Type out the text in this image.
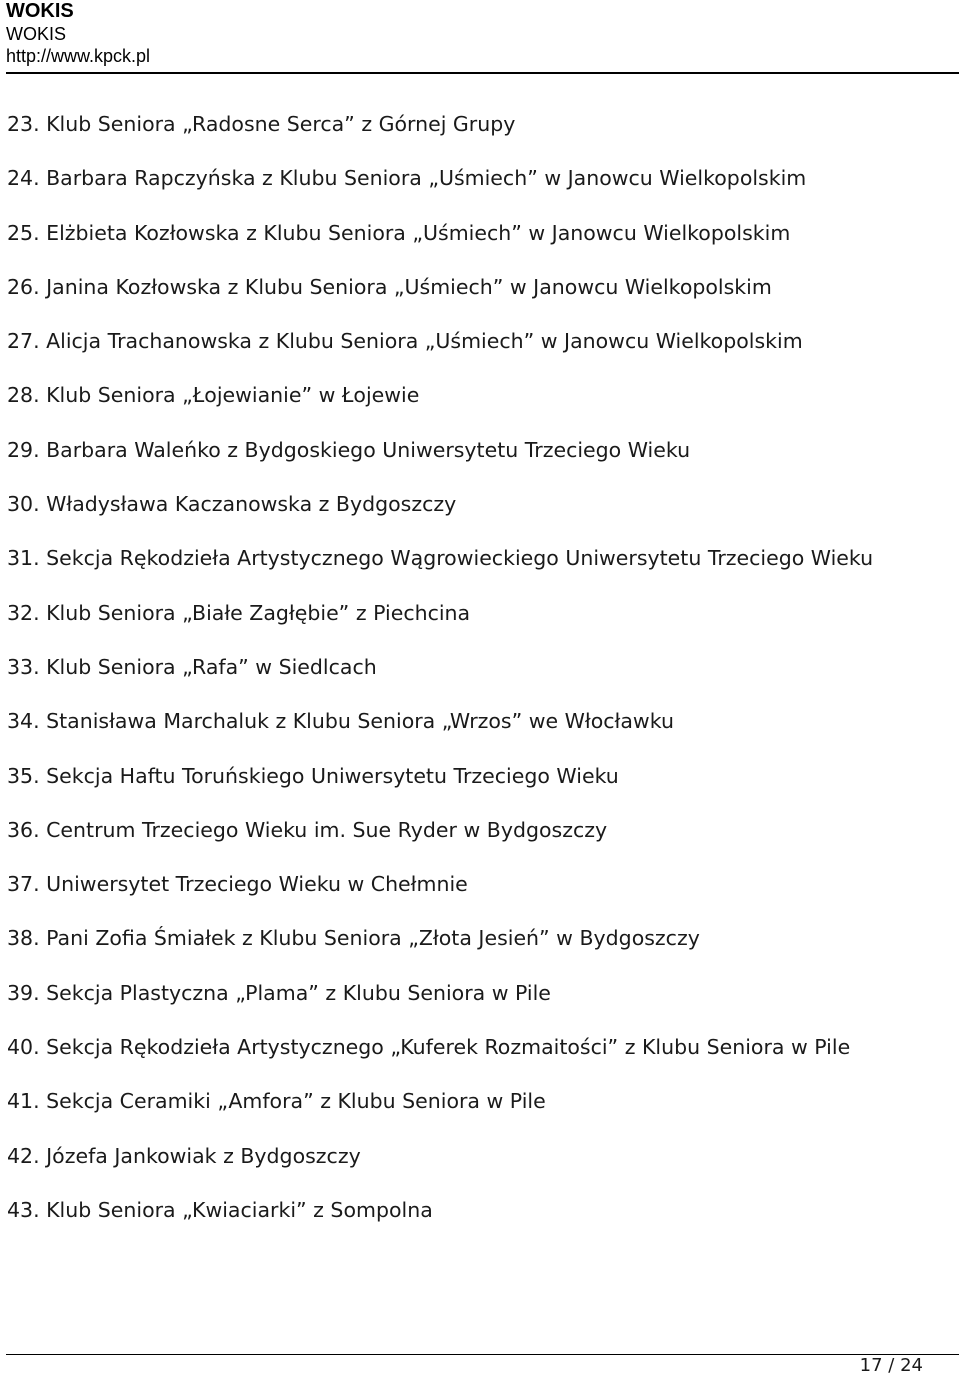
WOKIS
WOKIS
http://www.kpck.pl
23. Klub Seniora „Radosne Serca” z Górnej Grupy
24. Barbara Rapczyńska z Klubu Seniora „Uśmiech” w Janowcu Wielkopolskim
25. Elżbieta Kozłowska z Klubu Seniora „Uśmiech” w Janowcu Wielkopolskim
26. Janina Kozłowska z Klubu Seniora „Uśmiech” w Janowcu Wielkopolskim
27. Alicja Trachanowska z Klubu Seniora „Uśmiech” w Janowcu Wielkopolskim
28. Klub Seniora „Łojewianie” w Łojewie
29. Barbara Waleńko z Bydgoskiego Uniwersytetu Trzeciego Wieku
30. Władysława Kaczanowska z Bydgoszczy
31. Sekcja Rękodzieła Artystycznego Wągrowieckiego Uniwersytetu Trzeciego Wieku
32. Klub Seniora „Białe Zagłębie” z Piechcina
33. Klub Seniora „Rafa” w Siedlcach
34. Stanisława Marchaluk z Klubu Seniora „Wrzos” we Włocławku
35. Sekcja Haftu Toruńskiego Uniwersytetu Trzeciego Wieku
36. Centrum Trzeciego Wieku im. Sue Ryder w Bydgoszczy
37. Uniwersytet Trzeciego Wieku w Chełmnie
38. Pani Zofia Śmiałek z Klubu Seniora „Złota Jesień” w Bydgoszczy
39. Sekcja Plastyczna „Plama” z Klubu Seniora w Pile
40. Sekcja Rękodzieła Artystycznego „Kuferek Rozmaitości” z Klubu Seniora w Pile
41. Sekcja Ceramiki „Amfora” z Klubu Seniora w Pile
42. Józefa Jankowiak z Bydgoszczy
43. Klub Seniora „Kwiaciarki” z Sompolna
17 / 24
